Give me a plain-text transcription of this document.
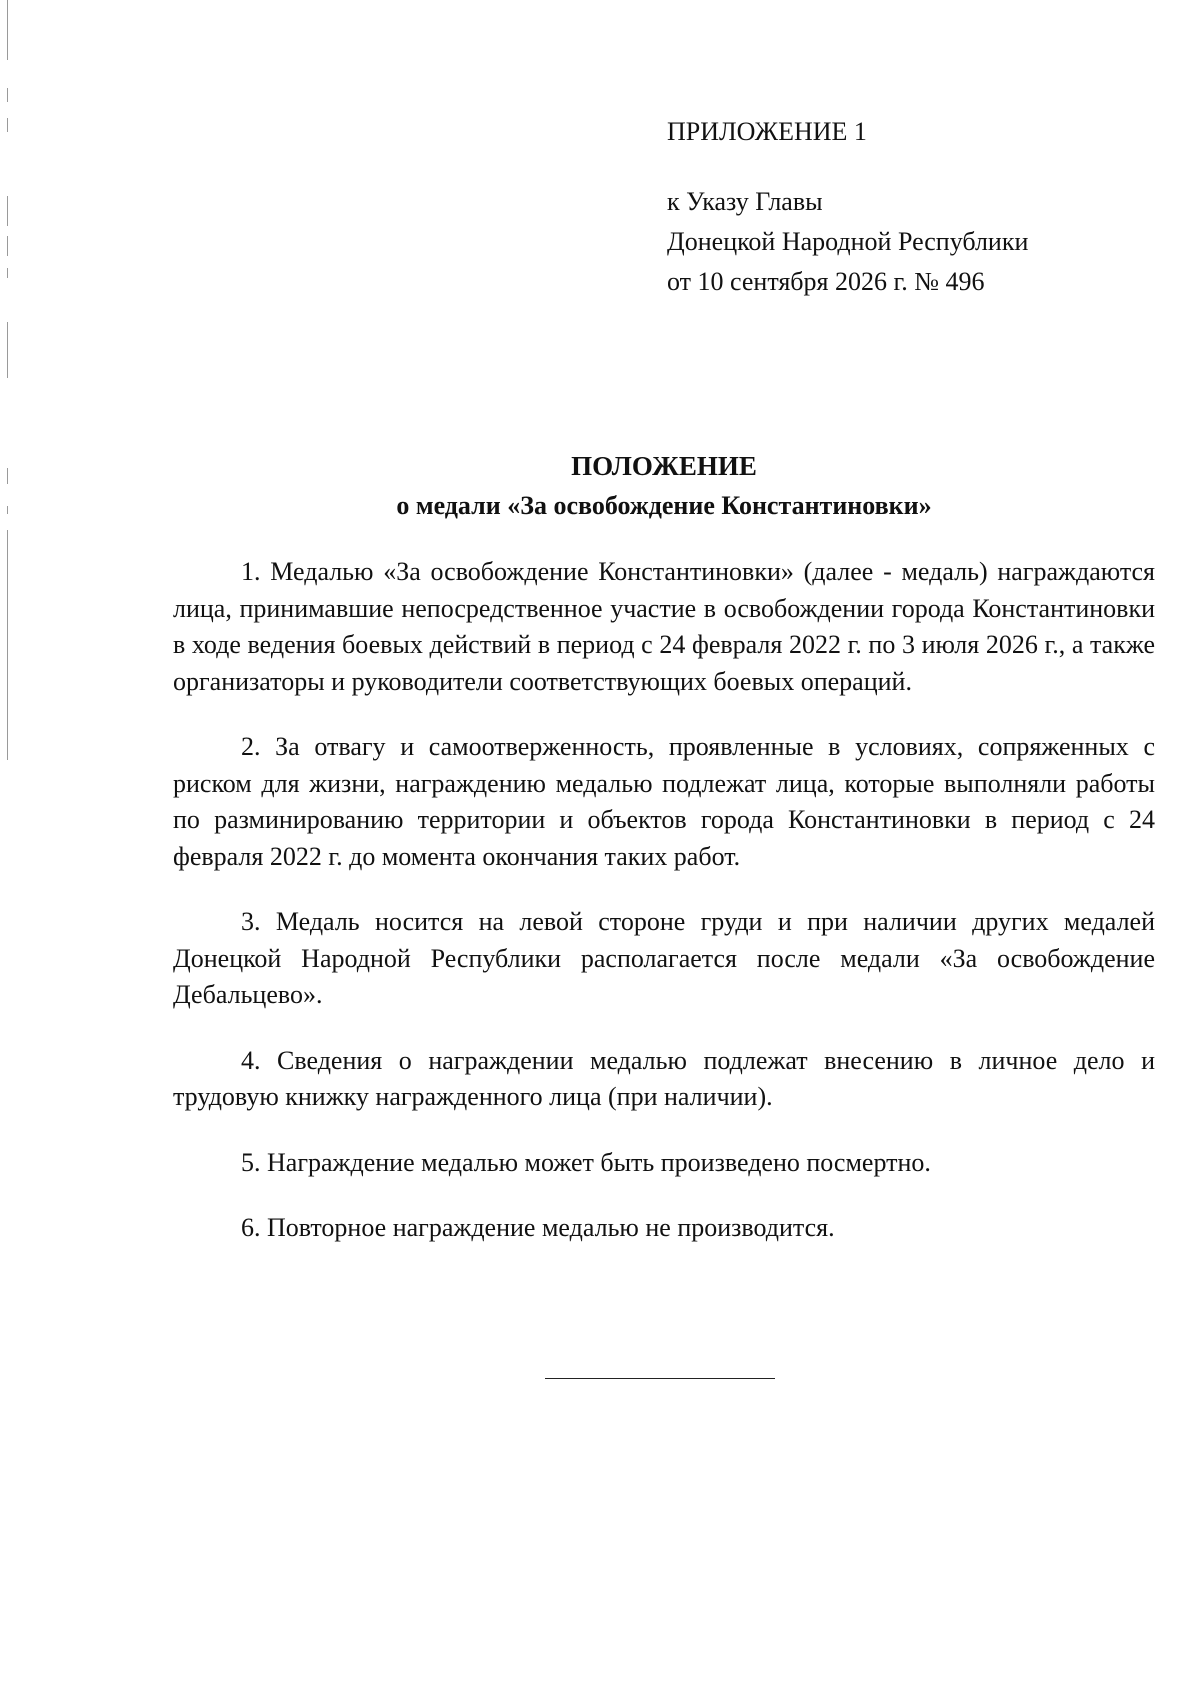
ПРИЛОЖЕНИЕ 1
к Указу Главы
Донецкой Народной Республики
от 10 сентября 2026 г. № 496
ПОЛОЖЕНИЕ
о медали «За освобождение Константиновки»

1. Медалью «За освобождение Константиновки» (далее - медаль) награждаются лица, принимавшие непосредственное участие в освобождении города Константиновки в ходе ведения боевых действий в период с 24 февраля 2022 г. по 3 июля 2026 г., а также организаторы и руководители соответствующих боевых операций.

2. За отвагу и самоотверженность, проявленные в условиях, сопряженных с риском для жизни, награждению медалью подлежат лица, которые выполняли работы по разминированию территории и объектов города Константиновки в период с 24 февраля 2022 г. до момента окончания таких работ.

3. Медаль носится на левой стороне груди и при наличии других медалей Донецкой Народной Республики располагается после медали «За освобождение Дебальцево».

4. Сведения о награждении медалью подлежат внесению в личное дело и трудовую книжку награжденного лица (при наличии).

5. Награждение медалью может быть произведено посмертно.

6. Повторное награждение медалью не производится.
